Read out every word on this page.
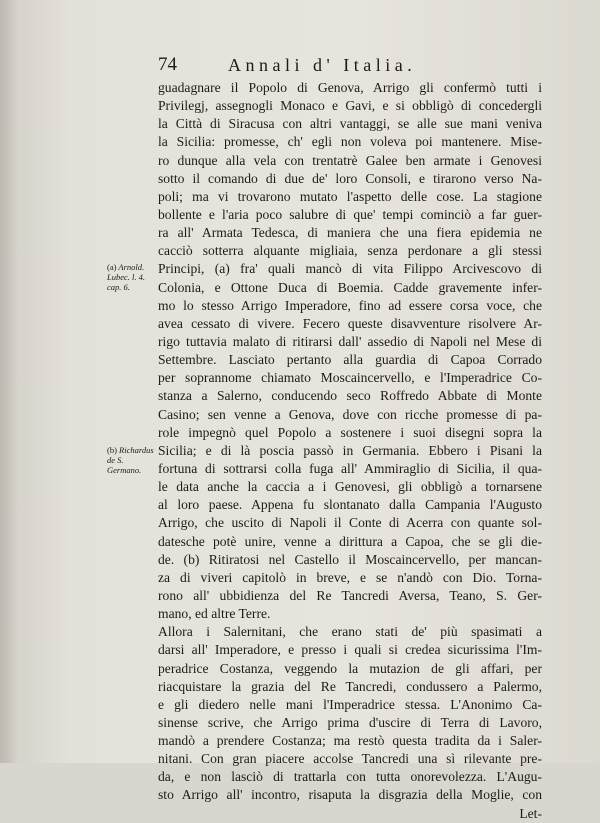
74	Annali d' Italia.
guadagnare il Popolo di Genova, Arrigo gli confermò tutti i
Privilegj, assegnogli Monaco e Gavi, e si obbligò di concedergli
la Città di Siracusa con altri vantaggi, se alle sue mani veniva
la Sicilia: promesse, ch' egli non voleva poi mantenere. Mise-
ro dunque alla vela con trentatrè Galee ben armate i Genovesi
sotto il comando di due de' loro Consoli, e tirarono verso Na-
poli; ma vi trovarono mutato l'aspetto delle cose. La stagione
bollente e l'aria poco salubre di que' tempi cominciò a far guer-
ra all' Armata Tedesca, di maniera che una fiera epidemia ne
cacciò sotterra alquante migliaia, senza perdonare a gli stessi
Principi, (a) fra' quali mancò di vita Filippo Arcivescovo di
Colonia, e Ottone Duca di Boemia. Cadde gravemente infer-
mo lo stesso Arrigo Imperadore, fino ad essere corsa voce, che
avea cessato di vivere. Fecero queste disavventure risolvere Ar-
rigo tuttavia malato di ritirarsi dall' assedio di Napoli nel Mese di
Settembre. Lasciato pertanto alla guardia di Capoa Corrado
per soprannome chiamato Moscaincervello, e l'Imperadrice Co-
stanza a Salerno, conducendo seco Roffredo Abbate di Monte
Casino; sen venne a Genova, dove con ricche promesse di pa-
role impegnò quel Popolo a sostenere i suoi disegni sopra la
Sicilia; e di là poscia passò in Germania. Ebbero i Pisani la
fortuna di sottrarsi colla fuga all' Ammiraglio di Sicilia, il qua-
le data anche la caccia a i Genovesi, gli obbligò a tornarsene
al loro paese. Appena fu slontanato dalla Campania l'Augusto
Arrigo, che uscito di Napoli il Conte di Acerra con quante sol-
datesche potè unire, venne a dirittura a Capoa, che se gli die-
de. (b) Ritiratosi nel Castello il Moscaincervello, per mancan-
za di viveri capitolò in breve, e se n'andò con Dio. Torna-
rono all' ubbidienza del Re Tancredi Aversa, Teano, S. Ger-
mano, ed altre Terre.
Allora i Salernitani, che erano stati de' più spasimati a
darsi all' Imperadore, e presso i quali si credea sicurissima l'Im-
peradrice Costanza, veggendo la mutazion de gli affari, per
riacquistare la grazia del Re Tancredi, condussero a Palermo,
e gli diedero nelle mani l'Imperadrice stessa. L'Anonimo Ca-
sinense scrive, che Arrigo prima d'uscire di Terra di Lavoro,
mandò a prendere Costanza; ma restò questa tradita da i Saler-
nitani. Con gran piacere accolse Tancredi una sì rilevante pre-
da, e non lasciò di trattarla con tutta onorevolezza. L'Augu-
sto Arrigo all' incontro, risaputa la disgrazia della Moglie, con
Let-
(a) Arnold. Lubec. l. 4. cap. 6.
(b) Richardus de S. Germano.
